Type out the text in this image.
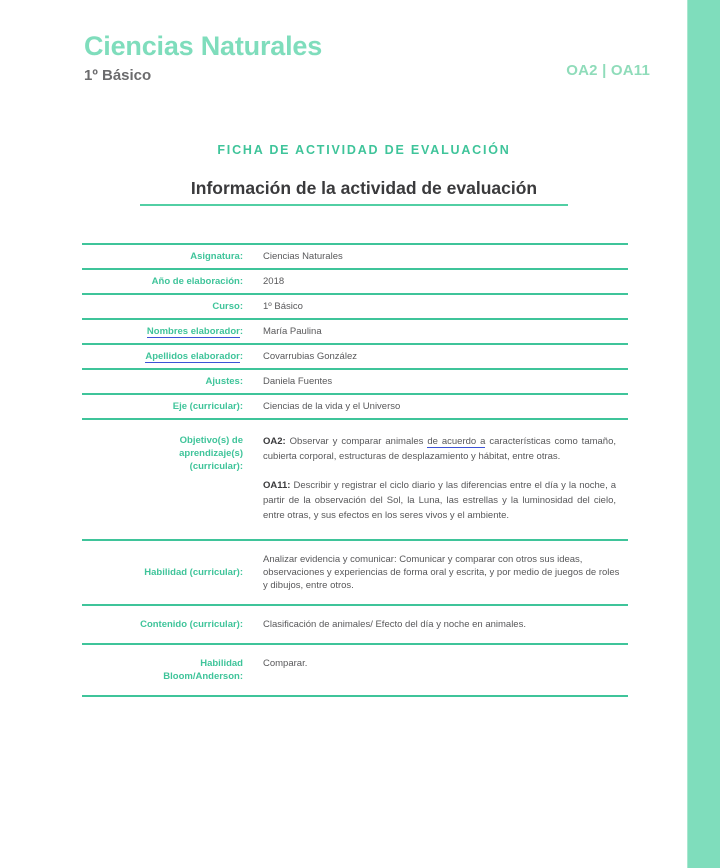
Ciencias Naturales
1º Básico	OA2 | OA11
FICHA DE ACTIVIDAD DE EVALUACIÓN
Información de la actividad de evaluación
Asignatura:	Ciencias Naturales
Año de elaboración:	2018
Curso:	1º Básico
Nombres elaborador:	María Paulina
Apellidos elaborador:	Covarrubias González
Ajustes:	Daniela Fuentes
Eje (curricular):	Ciencias de la vida y el Universo

Objetivo(s) de
aprendizaje(s)
(curricular):

OA2: Observar y comparar animales de acuerdo a características como tamaño, cubierta corporal, estructuras de desplazamiento y hábitat, entre otras.

OA11: Describir y registrar el ciclo diario y las diferencias entre el día y la noche, a partir de la observación del Sol, la Luna, las estrellas y la luminosidad del cielo, entre otras, y sus efectos en los seres vivos y el ambiente.

Habilidad (curricular):	Analizar evidencia y comunicar: Comunicar y comparar con otros sus ideas, observaciones y experiencias de forma oral y escrita, y por medio de juegos de roles y dibujos, entre otros.
Contenido (curricular):	Clasificación de animales/ Efecto del día y noche en animales.

Habilidad
Bloom/Anderson:	Comparar.
